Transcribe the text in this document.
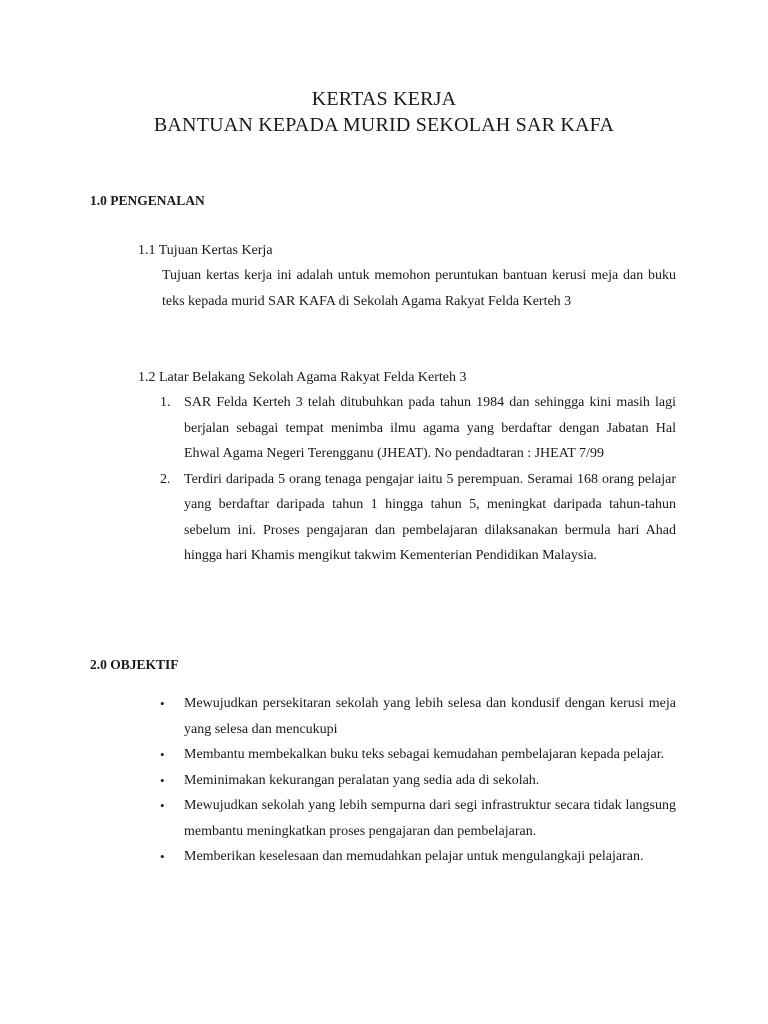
KERTAS KERJA
BANTUAN KEPADA MURID SEKOLAH SAR KAFA
1.0 PENGENALAN
1.1 Tujuan Kertas Kerja
Tujuan kertas kerja ini adalah untuk memohon peruntukan bantuan kerusi meja dan buku teks kepada murid SAR KAFA di Sekolah Agama Rakyat Felda Kerteh 3
1.2 Latar Belakang Sekolah Agama Rakyat Felda Kerteh 3
1. SAR Felda Kerteh 3 telah ditubuhkan pada tahun 1984 dan sehingga kini masih lagi berjalan sebagai tempat menimba ilmu agama yang berdaftar dengan Jabatan Hal Ehwal Agama Negeri Terengganu (JHEAT). No pendadtaran : JHEAT 7/99
2. Terdiri daripada 5 orang tenaga pengajar iaitu 5 perempuan. Seramai 168 orang pelajar yang berdaftar daripada tahun 1 hingga tahun 5, meningkat daripada tahun-tahun sebelum ini. Proses pengajaran dan pembelajaran dilaksanakan bermula hari Ahad hingga hari Khamis mengikut takwim Kementerian Pendidikan Malaysia.
2.0 OBJEKTIF
• Mewujudkan persekitaran sekolah yang lebih selesa dan kondusif dengan kerusi meja yang selesa dan mencukupi
• Membantu membekalkan buku teks sebagai kemudahan pembelajaran kepada pelajar.
• Meminimakan kekurangan peralatan yang sedia ada di sekolah.
• Mewujudkan sekolah yang lebih sempurna dari segi infrastruktur secara tidak langsung membantu meningkatkan proses pengajaran dan pembelajaran.
• Memberikan keselesaan dan memudahkan pelajar untuk mengulangkaji pelajaran.
